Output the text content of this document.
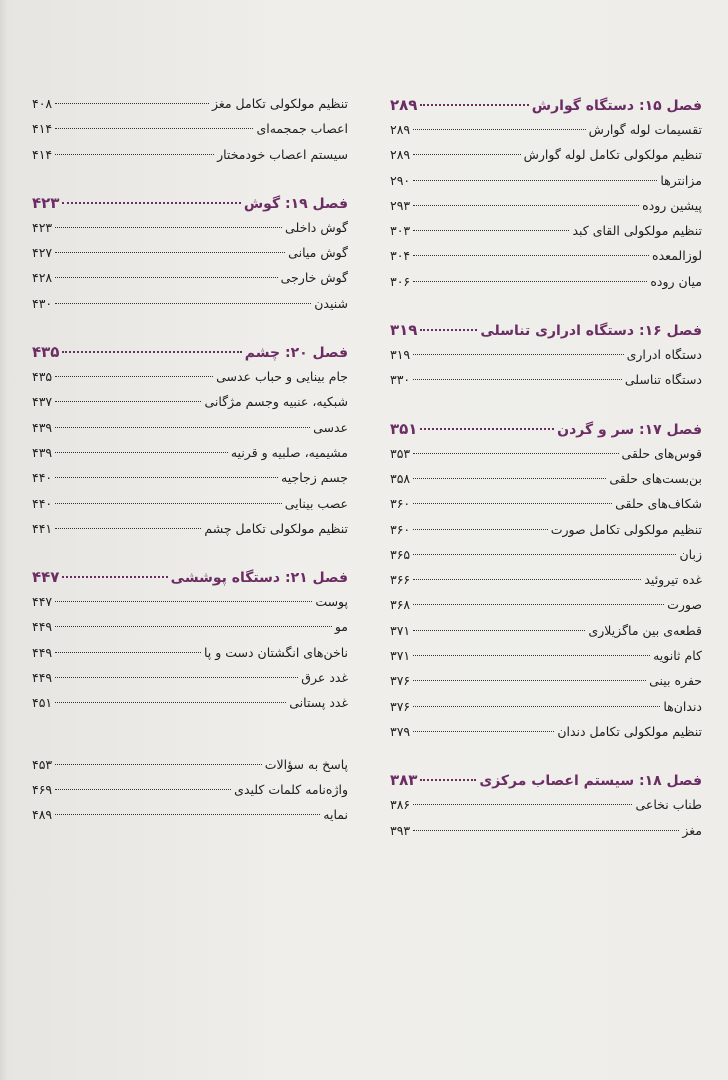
فصل ۱۵: دستگاه گوارش
۲۸۹
تقسیمات لوله گوارش
۲۸۹
تنظیم مولکولی تکامل لوله گوارش
۲۸۹
مزانترها
۲۹۰
پیشین روده
۲۹۳
تنظیم مولکولی القای کبد
۳۰۳
لوزالمعده
۳۰۴
میان روده
۳۰۶
فصل ۱۶: دستگاه ادراری تناسلی
۳۱۹
دستگاه ادراری
۳۱۹
دستگاه تناسلی
۳۳۰
فصل ۱۷: سر و گردن
۳۵۱
قوس‌های حلقی
۳۵۳
بن‌بست‌های حلقی
۳۵۸
شکاف‌های حلقی
۳۶۰
تنظیم مولکولی تکامل صورت
۳۶۰
زبان
۳۶۵
غده تیروئید
۳۶۶
صورت
۳۶۸
قطعه‌ی بین ماگزیلاری
۳۷۱
کام ثانویه
۳۷۱
حفره بینی
۳۷۶
دندان‌ها
۳۷۶
تنظیم مولکولی تکامل دندان
۳۷۹
فصل ۱۸: سیستم اعصاب مرکزی
۳۸۳
طناب نخاعی
۳۸۶
مغز
۳۹۳
تنظیم مولکولی تکامل مغز
۴۰۸
اعصاب جمجمه‌ای
۴۱۴
سیستم اعصاب خودمختار
۴۱۴
فصل ۱۹: گوش
۴۲۳
گوش داخلی
۴۲۳
گوش میانی
۴۲۷
گوش خارجی
۴۲۸
شنیدن
۴۳۰
فصل ۲۰: چشم
۴۳۵
جام بینایی و حباب عدسی
۴۳۵
شبکیه، عنبیه وجسم مژگانی
۴۳۷
عدسی
۴۳۹
مشیمیه، صلبیه و قرنیه
۴۳۹
جسم زجاجیه
۴۴۰
عصب بینایی
۴۴۰
تنظیم مولکولی تکامل چشم
۴۴۱
فصل ۲۱: دستگاه پوششی
۴۴۷
پوست
۴۴۷
مو
۴۴۹
ناخن‌های انگشتان دست و پا
۴۴۹
غدد عرق
۴۴۹
غدد پستانی
۴۵۱
پاسخ به سؤالات
۴۵۳
واژه‌نامه کلمات کلیدی
۴۶۹
نمایه
۴۸۹
